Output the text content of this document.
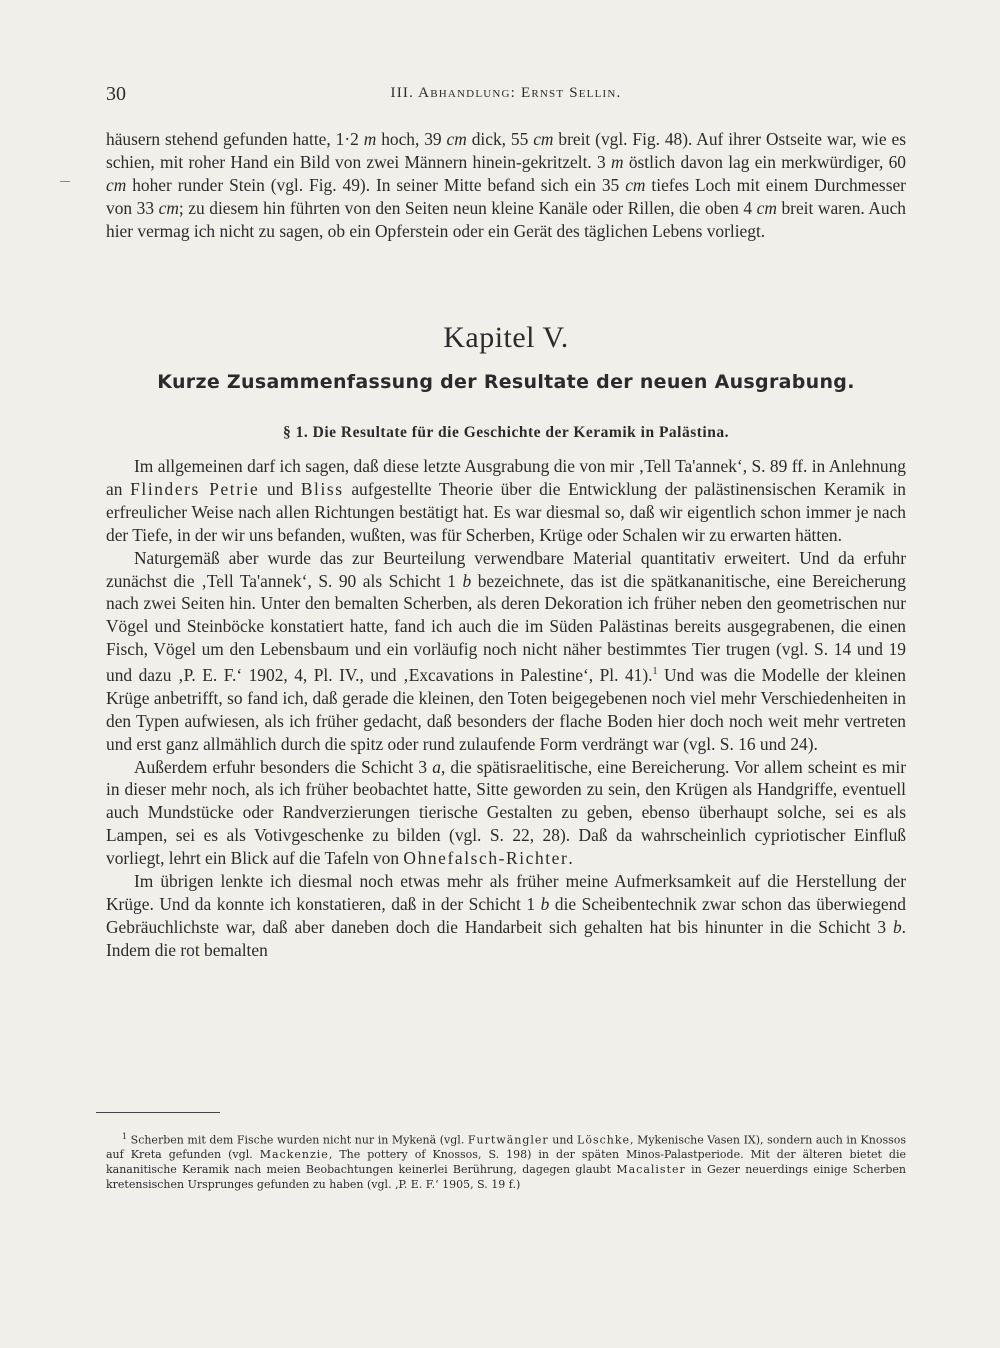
30	III. Abhandlung: Ernst Sellin.

häusern stehend gefunden hatte, 1·2 m hoch, 39 cm dick, 55 cm breit (vgl. Fig. 48). Auf ihrer Ostseite war, wie es schien, mit roher Hand ein Bild von zwei Männern hinein-gekritzelt. 3 m östlich davon lag ein merkwürdiger, 60 cm hoher runder Stein (vgl. Fig. 49). In seiner Mitte befand sich ein 35 cm tiefes Loch mit einem Durchmesser von 33 cm; zu diesem hin führten von den Seiten neun kleine Kanäle oder Rillen, die oben 4 cm breit waren. Auch hier vermag ich nicht zu sagen, ob ein Opferstein oder ein Gerät des täglichen Lebens vorliegt.

Kapitel V.
Kurze Zusammenfassung der Resultate der neuen Ausgrabung.
§ 1. Die Resultate für die Geschichte der Keramik in Palästina.

Im allgemeinen darf ich sagen, daß diese letzte Ausgrabung die von mir ‚Tell Ta'annek‘, S. 89 ff. in Anlehnung an Flinders Petrie und Bliss aufgestellte Theorie über die Entwicklung der palästinensischen Keramik in erfreulicher Weise nach allen Richtungen bestätigt hat. Es war diesmal so, daß wir eigentlich schon immer je nach der Tiefe, in der wir uns befanden, wußten, was für Scherben, Krüge oder Schalen wir zu erwarten hätten.

Naturgemäß aber wurde das zur Beurteilung verwendbare Material quantitativ erweitert. Und da erfuhr zunächst die ‚Tell Ta'annek‘, S. 90 als Schicht 1 b bezeichnete, das ist die spätkananitische, eine Bereicherung nach zwei Seiten hin. Unter den bemalten Scherben, als deren Dekoration ich früher neben den geometrischen nur Vögel und Steinböcke konstatiert hatte, fand ich auch die im Süden Palästinas bereits ausgegrabenen, die einen Fisch, Vögel um den Lebensbaum und ein vorläufig noch nicht näher bestimmtes Tier trugen (vgl. S. 14 und 19 und dazu ‚P. E. F.‘ 1902, 4, Pl. IV., und ‚Excavations in Palestine‘, Pl. 41).$^1$ Und was die Modelle der kleinen Krüge anbetrifft, so fand ich, daß gerade die kleinen, den Toten beigegebenen noch viel mehr Verschiedenheiten in den Typen aufwiesen, als ich früher gedacht, daß besonders der flache Boden hier doch noch weit mehr vertreten und erst ganz allmählich durch die spitz oder rund zulaufende Form verdrängt war (vgl. S. 16 und 24).

Außerdem erfuhr besonders die Schicht 3 a, die spätisraelitische, eine Bereicherung. Vor allem scheint es mir in dieser mehr noch, als ich früher beobachtet hatte, Sitte geworden zu sein, den Krügen als Handgriffe, eventuell auch Mundstücke oder Randverzierungen tierische Gestalten zu geben, ebenso überhaupt solche, sei es als Lampen, sei es als Votivgeschenke zu bilden (vgl. S. 22, 28). Daß da wahrscheinlich cypriotischer Einfluß vorliegt, lehrt ein Blick auf die Tafeln von Ohnefalsch-Richter.

Im übrigen lenkte ich diesmal noch etwas mehr als früher meine Aufmerksamkeit auf die Herstellung der Krüge. Und da konnte ich konstatieren, daß in der Schicht 1 b die Scheibentechnik zwar schon das überwiegend Gebräuchlichste war, daß aber daneben doch die Handarbeit sich gehalten hat bis hinunter in die Schicht 3 b. Indem die rot bemalten

$^1$ Scherben mit dem Fische wurden nicht nur in Mykenä (vgl. Furtwängler und Löschke, Mykenische Vasen IX), sondern auch in Knossos auf Kreta gefunden (vgl. Mackenzie, The pottery of Knossos, S. 198) in der späten Minos-Palastperiode. Mit der älteren bietet die kananitische Keramik nach meien Beobachtungen keinerlei Berührung, dagegen glaubt Macalister in Gezer neuerdings einige Scherben kretensischen Ursprunges gefunden zu haben (vgl. ‚P. E. F.‘ 1905, S. 19 f.)
